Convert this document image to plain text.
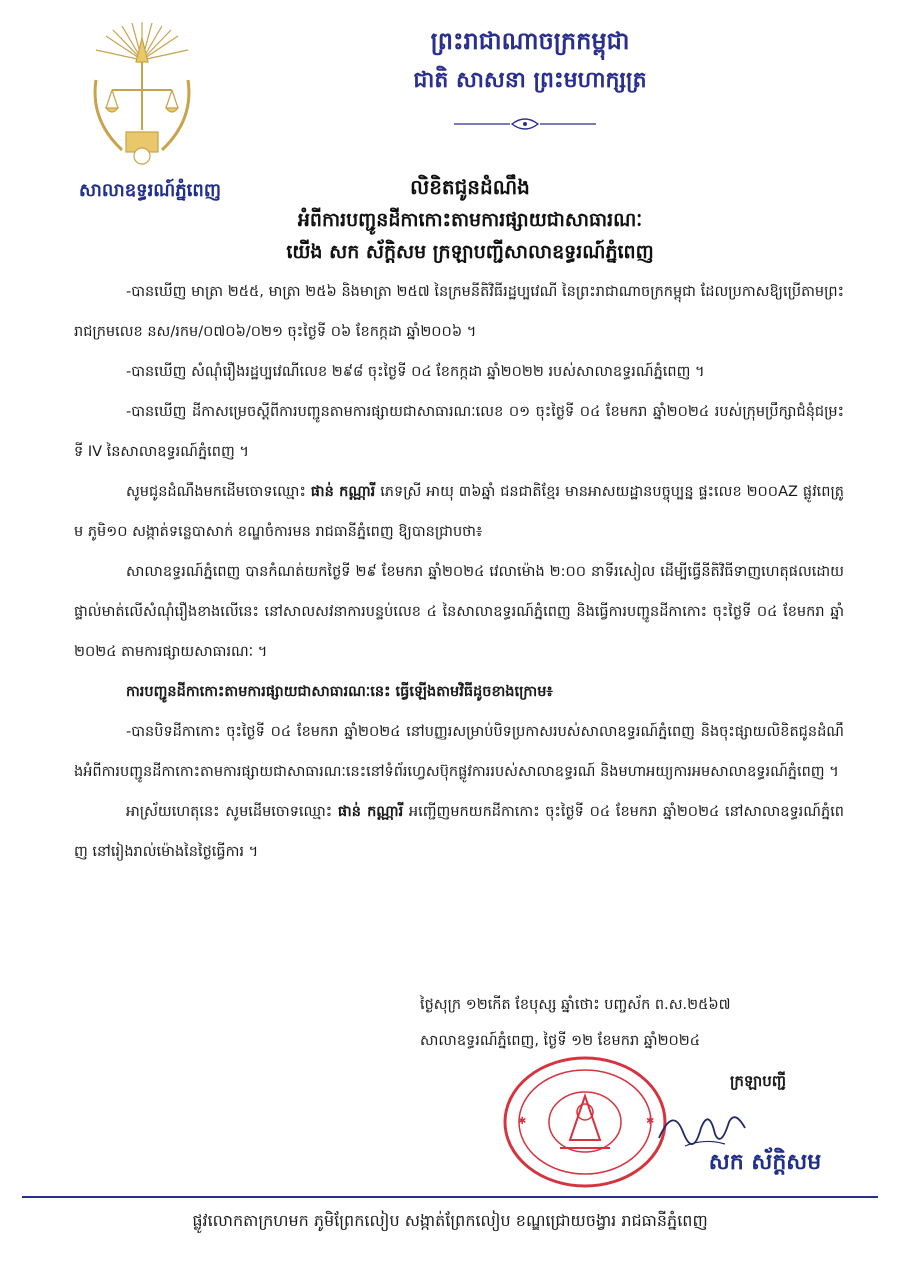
សាលាឧទ្ធរណ៍ភ្នំពេញ
ព្រះរាជាណាចក្រកម្ពុជា
ជាតិ សាសនា ព្រះមហាក្សត្រ
លិខិតជូនដំណឹង
អំពីការបញ្ជូនដីកាកោះតាមការផ្សាយជាសាធារណៈ
យើង សក ស័ក្តិសម ក្រឡាបញ្ជីសាលាឧទ្ធរណ៍ភ្នំពេញ

-បានឃើញ មាត្រា ២៥៥, មាត្រា ២៥៦ និងមាត្រា ២៥៧ នៃក្រមនីតិវិធីរដ្ឋប្បវេណី នៃព្រះរាជាណាចក្រកម្ពុជា ដែលប្រកាសឱ្យប្រើតាមព្រះរាជក្រមលេខ នស/រកម/០៧០៦/០២១ ចុះថ្ងៃទី ០៦ ខែកក្កដា ឆ្នាំ២០០៦ ។

-បានឃើញ សំណុំរឿងរដ្ឋប្បវេណីលេខ ២៩៨ ចុះថ្ងៃទី ០៤ ខែកក្កដា ឆ្នាំ២០២២ របស់សាលាឧទ្ធរណ៍ភ្នំពេញ ។

-បានឃើញ ដីកាសម្រេចស្តីពីការបញ្ជូនតាមការផ្សាយជាសាធារណៈលេខ ០១ ចុះថ្ងៃទី ០៤ ខែមករា ឆ្នាំ២០២៤ របស់ក្រុមប្រឹក្សាជំនុំជម្រះទី IV នៃសាលាឧទ្ធរណ៍ភ្នំពេញ ។

សូមជូនដំណឹងមកដើមចោទឈ្មោះ ផាន់ កណ្ណារី ភេទស្រី អាយុ ៣៦ឆ្នាំ ជនជាតិខ្មែរ មានអាសយដ្ឋានបច្ចុប្បន្ន ផ្ទះលេខ ២០០AZ ផ្លូវពេត្រូម ភូមិ១០ សង្កាត់ទន្លេបាសាក់ ខណ្ឌចំការមន រាជធានីភ្នំពេញ ឱ្យបានជ្រាបថា៖

សាលាឧទ្ធរណ៍ភ្នំពេញ បានកំណត់យកថ្ងៃទី ២៩ ខែមករា ឆ្នាំ២០២៤ វេលាម៉ោង ២:០០ នាទីរសៀល ដើម្បីធ្វើនីតិវិធីទាញហេតុផលដោយផ្ទាល់មាត់លើសំណុំរឿងខាងលើនេះ នៅសាលសវនាការបន្ទប់លេខ ៤ នៃសាលាឧទ្ធរណ៍ភ្នំពេញ និងធ្វើការបញ្ជូនដីកាកោះ ចុះថ្ងៃទី ០៤ ខែមករា ឆ្នាំ២០២៤ តាមការផ្សាយសាធារណៈ ។

ការបញ្ជូនដីកាកោះតាមការផ្សាយជាសាធារណៈនេះ ធ្វើឡើងតាមវិធីដូចខាងក្រោម៖

-បានបិទដីកាកោះ ចុះថ្ងៃទី ០៤ ខែមករា ឆ្នាំ២០២៤ នៅបញ្ញរសម្រាប់បិទប្រកាសរបស់សាលាឧទ្ធរណ៍ភ្នំពេញ និងចុះផ្សាយលិខិតជូនដំណឹងអំពីការបញ្ជូនដីកាកោះតាមការផ្សាយជាសាធារណៈនេះនៅទំព័រហ្វេសប៊ុកផ្លូវការរបស់សាលាឧទ្ធរណ៍ និងមហាអយ្យការអមសាលាឧទ្ធរណ៍ភ្នំពេញ ។

អាស្រ័យហេតុនេះ សូមដើមចោទឈ្មោះ ផាន់ កណ្ណារី អញ្ជើញមកយកដីកាកោះ ចុះថ្ងៃទី ០៤ ខែមករា ឆ្នាំ២០២៤ នៅសាលាឧទ្ធរណ៍ភ្នំពេញ នៅរៀងរាល់ម៉ោងនៃថ្ងៃធ្វើការ ។

ថ្ងៃសុក្រ ១២កើត ខែបុស្ស ឆ្នាំថោះ បញ្ចស័ក ព.ស.២៥៦៧
សាលាឧទ្ធរណ៍ភ្នំពេញ, ថ្ងៃទី ១២ ខែមករា ឆ្នាំ២០២៤
✱	✱
ក្រឡាបញ្ជី
សក ស័ក្តិសម
ផ្លូវលោកតាក្រហមក ភូមិព្រែកលៀប សង្កាត់ព្រែកលៀប ខណ្ឌជ្រោយចង្វារ រាជធានីភ្នំពេញ
